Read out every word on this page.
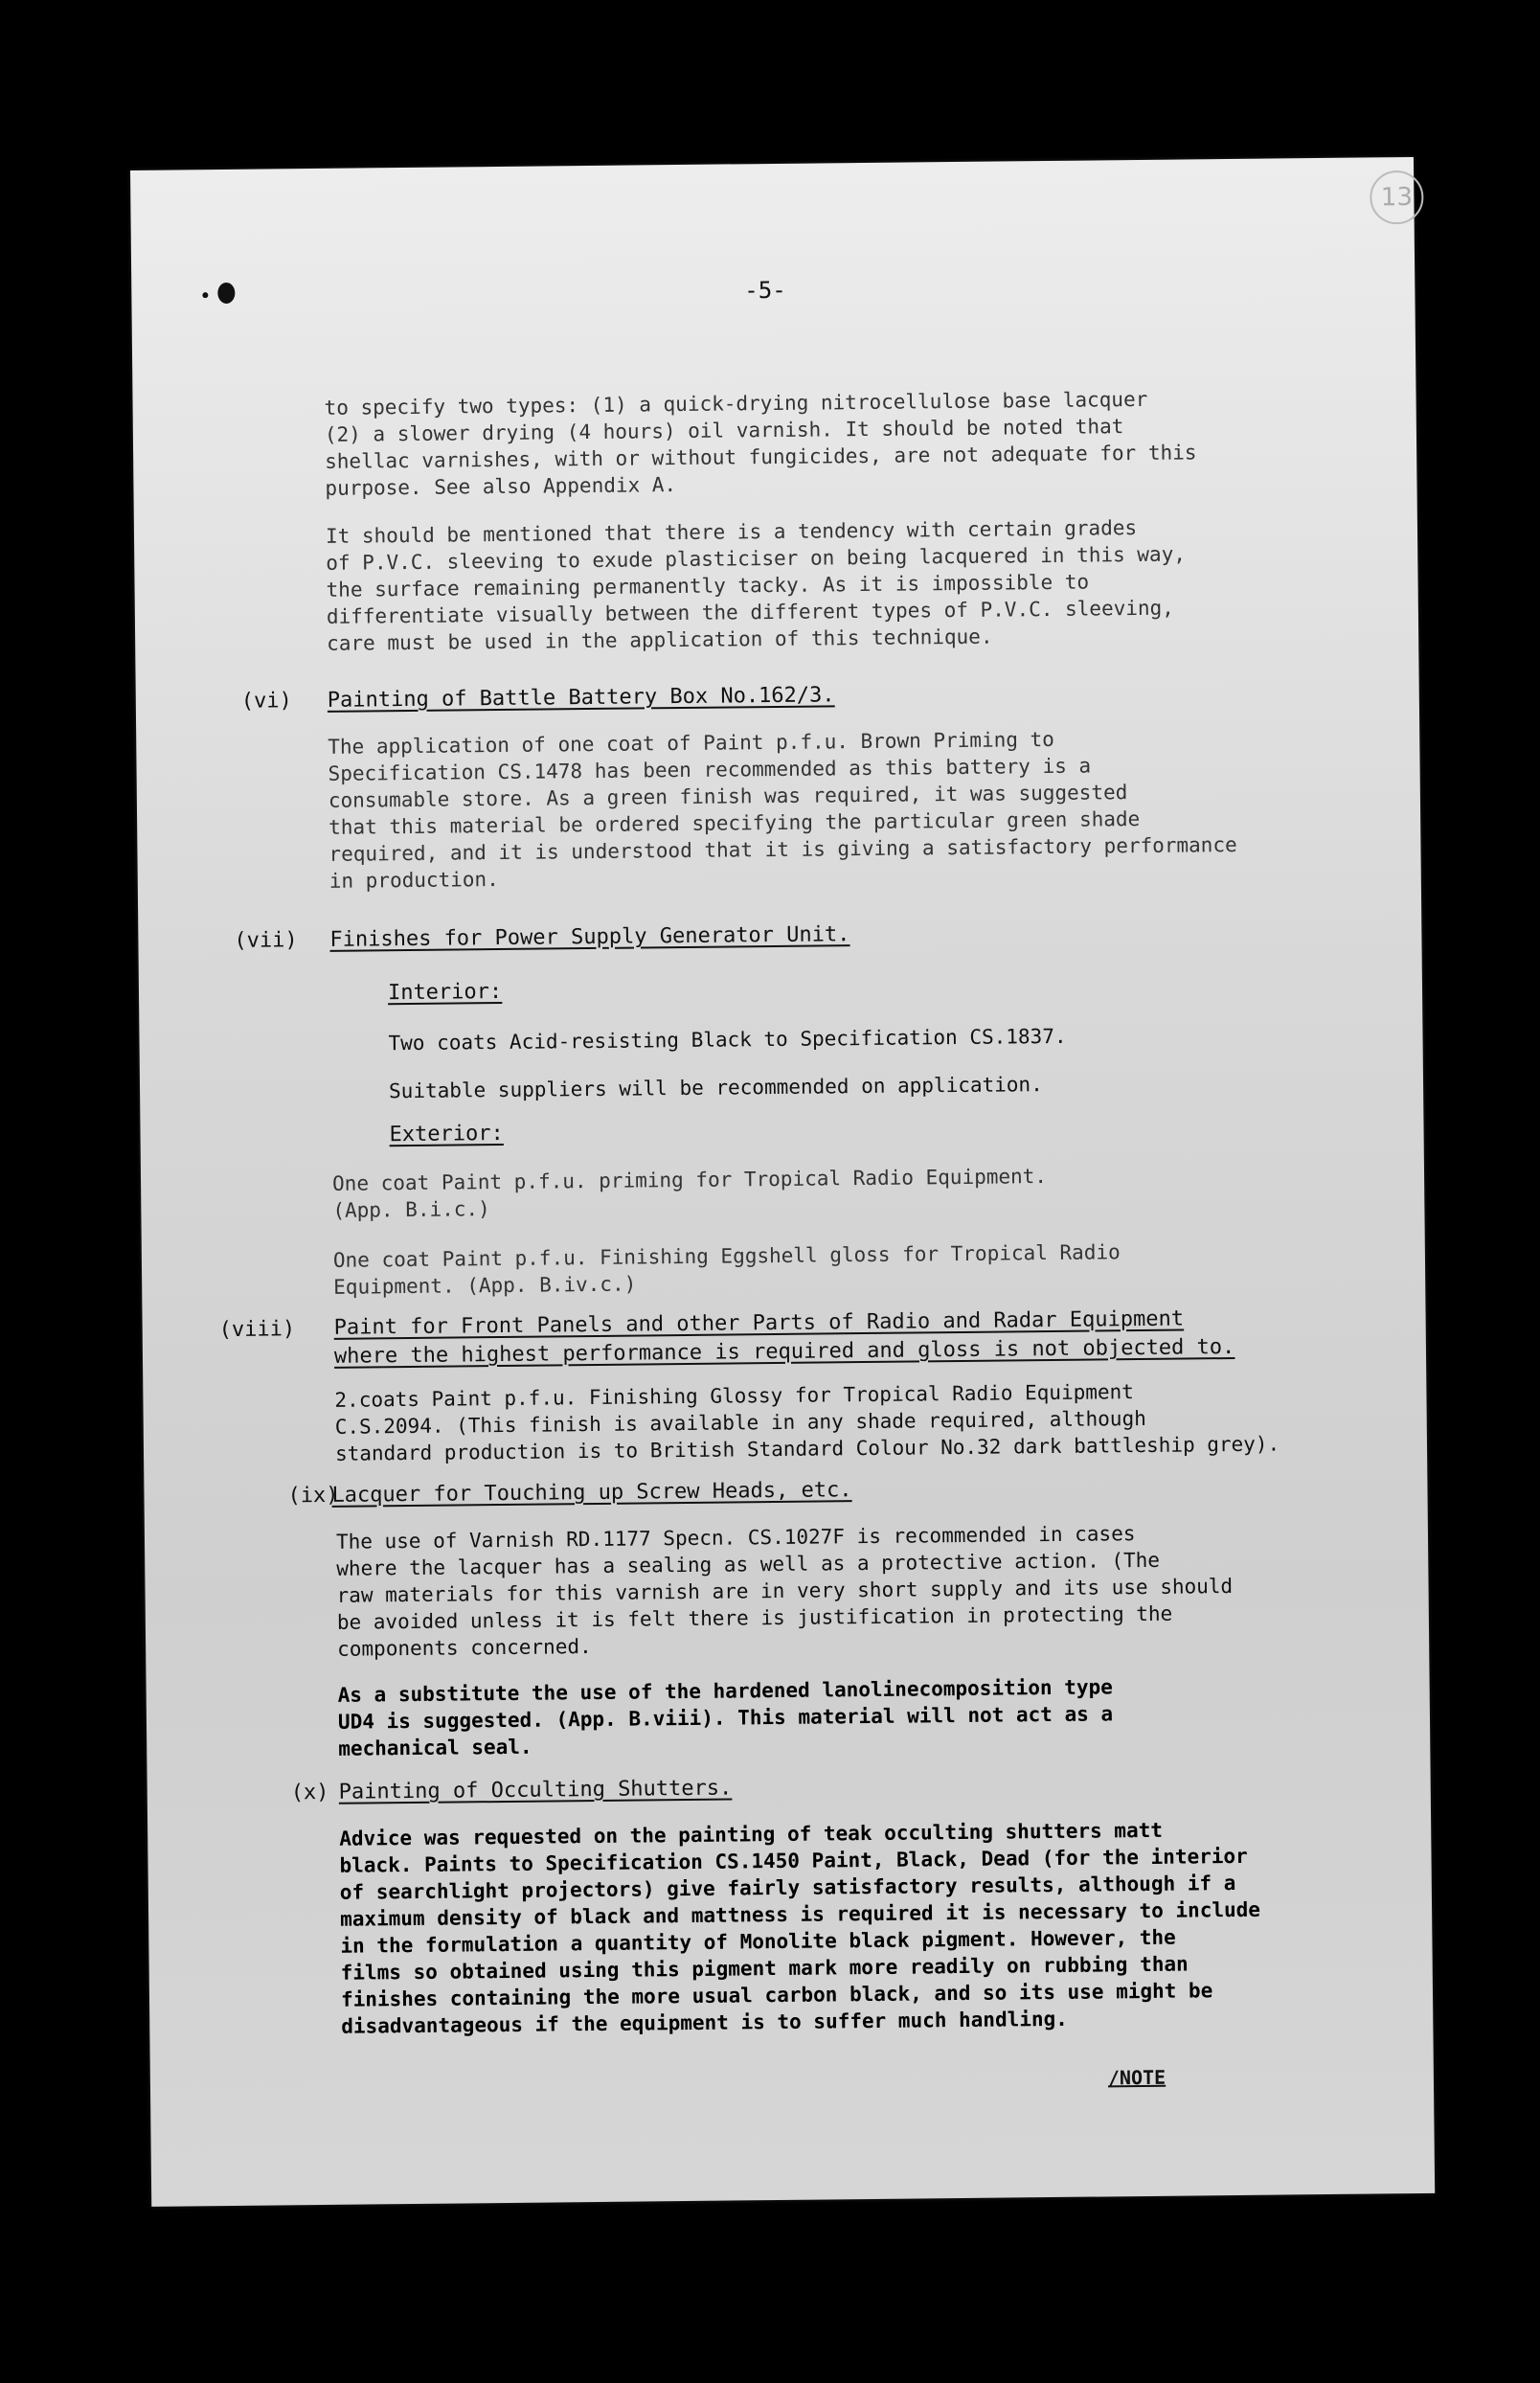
13
-5-

to specify two types: (1) a quick-drying nitrocellulose base lacquer
(2) a slower drying (4 hours) oil varnish. It should be noted that
shellac varnishes, with or without fungicides, are not adequate for this
purpose. See also Appendix A.

It should be mentioned that there is a tendency with certain grades
of P.V.C. sleeving to exude plasticiser on being lacquered in this way,
the surface remaining permanently tacky. As it is impossible to
differentiate visually between the different types of P.V.C. sleeving,
care must be used in the application of this technique.

(vi) Painting of Battle Battery Box No.162/3.

The application of one coat of Paint p.f.u. Brown Priming to
Specification CS.1478 has been recommended as this battery is a
consumable store. As a green finish was required, it was suggested
that this material be ordered specifying the particular green shade
required, and it is understood that it is giving a satisfactory performance
in production.

(vii) Finishes for Power Supply Generator Unit.
Interior:

Two coats Acid-resisting Black to Specification CS.1837.

Suitable suppliers will be recommended on application.

Exterior:

One coat Paint p.f.u. priming for Tropical Radio Equipment.
(App. B.i.c.)

One coat Paint p.f.u. Finishing Eggshell gloss for Tropical Radio
Equipment. (App. B.iv.c.)

(viii) Paint for Front Panels and other Parts of Radio and Radar Equipment
where the highest performance is required and gloss is not objected to.

2.coats Paint p.f.u. Finishing Glossy for Tropical Radio Equipment
C.S.2094. (This finish is available in any shade required, although
standard production is to British Standard Colour No.32 dark battleship grey).

(ix)
Lacquer for Touching up Screw Heads, etc.

The use of Varnish RD.1177 Specn. CS.1027F is recommended in cases
where the lacquer has a sealing as well as a protective action. (The
raw materials for this varnish are in very short supply and its use should
be avoided unless it is felt there is justification in protecting the
components concerned.

As a substitute the use of the hardened lanolinecomposition type
UD4 is suggested. (App. B.viii). This material will not act as a
mechanical seal.

(x) Painting of Occulting Shutters.

Advice was requested on the painting of teak occulting shutters matt
black. Paints to Specification CS.1450 Paint, Black, Dead (for the interior
of searchlight projectors) give fairly satisfactory results, although if a
maximum density of black and mattness is required it is necessary to include
in the formulation a quantity of Monolite black pigment. However, the
films so obtained using this pigment mark more readily on rubbing than
finishes containing the more usual carbon black, and so its use might be
disadvantageous if the equipment is to suffer much handling.

/NOTE
